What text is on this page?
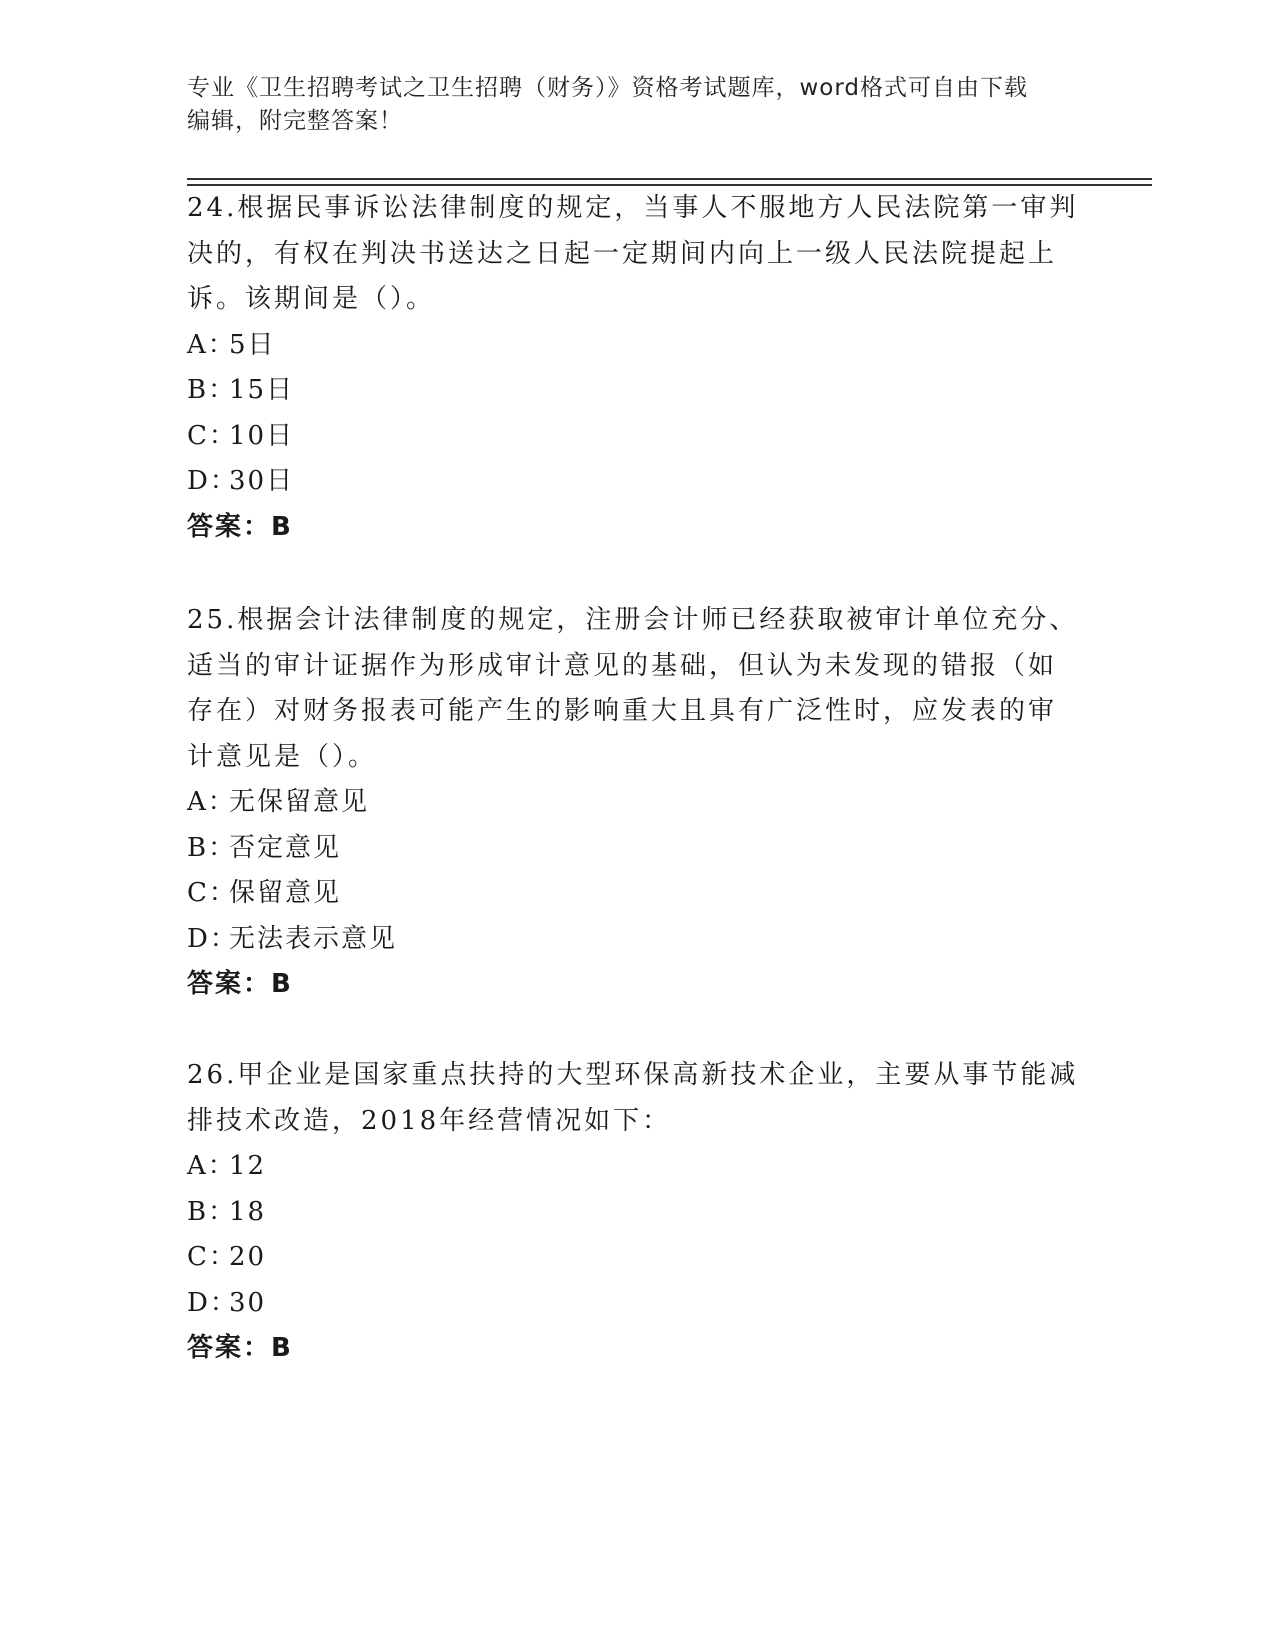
专业《卫生招聘考试之卫生招聘（财务）》资格考试题库，word格式可自由下载
编辑，附完整答案！

24.根据民事诉讼法律制度的规定，当事人不服地方人民法院第一审判

决的，有权在判决书送达之日起一定期间内向上一级人民法院提起上

诉。该期间是（）。

A：5日

B：15日

C：10日

D：30日

答案：B

25.根据会计法律制度的规定，注册会计师已经获取被审计单位充分、

适当的审计证据作为形成审计意见的基础，但认为未发现的错报（如

存在）对财务报表可能产生的影响重大且具有广泛性时，应发表的审

计意见是（）。

A：无保留意见

B：否定意见

C：保留意见

D：无法表示意见

答案：B

26.甲企业是国家重点扶持的大型环保高新技术企业，主要从事节能减

排技术改造，2018年经营情况如下：

A：12

B：18

C：20

D：30

答案：B
